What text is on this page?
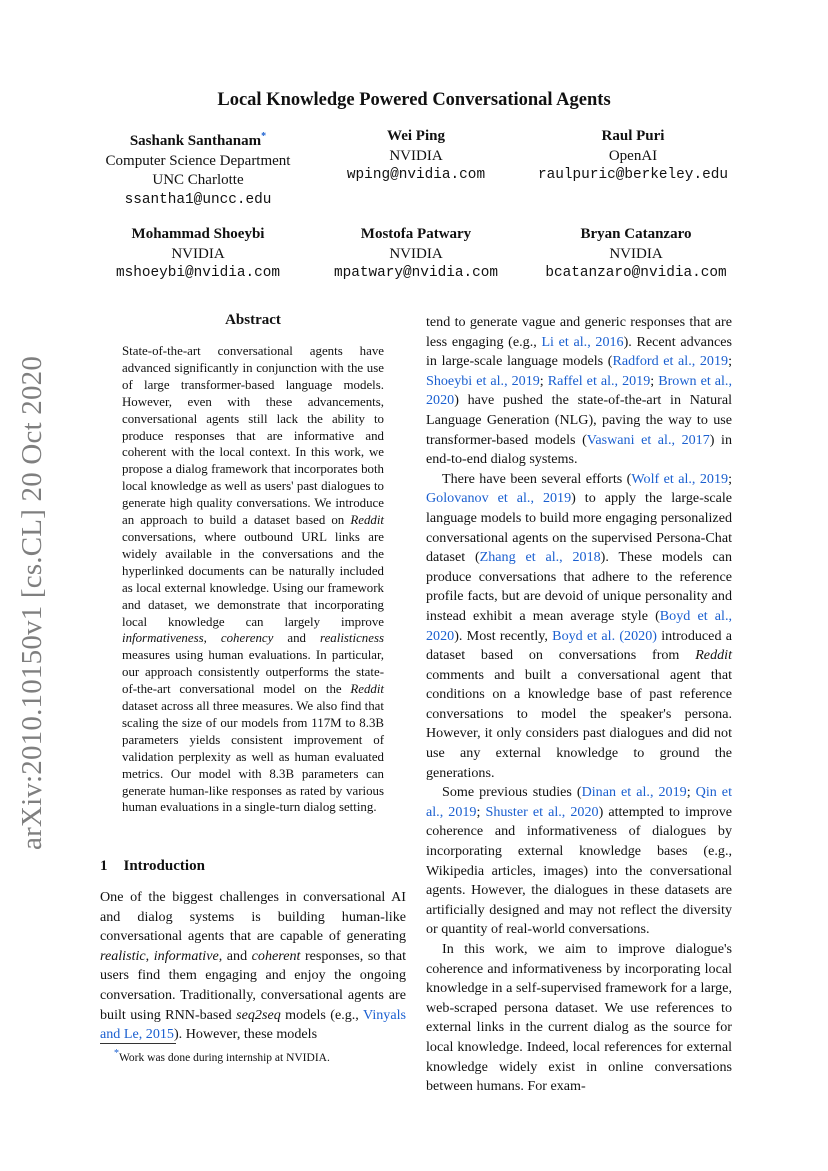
Local Knowledge Powered Conversational Agents
Sashank Santhanam*
Computer Science Department
UNC Charlotte
ssantha1@uncc.edu
Wei Ping
NVIDIA
wping@nvidia.com
Raul Puri
OpenAI
raulpuric@berkeley.edu
Mohammad Shoeybi
NVIDIA
mshoeybi@nvidia.com
Mostofa Patwary
NVIDIA
mpatwary@nvidia.com
Bryan Catanzaro
NVIDIA
bcatanzaro@nvidia.com
arXiv:2010.10150v1 [cs.CL] 20 Oct 2020
Abstract

State-of-the-art conversational agents have advanced significantly in conjunction with the use of large transformer-based language models. However, even with these advancements, conversational agents still lack the ability to produce responses that are informative and coherent with the local context. In this work, we propose a dialog framework that incorporates both local knowledge as well as users' past dialogues to generate high quality conversations. We introduce an approach to build a dataset based on Reddit conversations, where outbound URL links are widely available in the conversations and the hyperlinked documents can be naturally included as local external knowledge. Using our framework and dataset, we demonstrate that incorporating local knowledge can largely improve informativeness, coherency and realisticness measures using human evaluations. In particular, our approach consistently outperforms the state-of-the-art conversational model on the Reddit dataset across all three measures. We also find that scaling the size of our models from 117M to 8.3B parameters yields consistent improvement of validation perplexity as well as human evaluated metrics. Our model with 8.3B parameters can generate human-like responses as rated by various human evaluations in a single-turn dialog setting.

1 Introduction

One of the biggest challenges in conversational AI and dialog systems is building human-like conversational agents that are capable of generating realistic, informative, and coherent responses, so that users find them engaging and enjoy the ongoing conversation. Traditionally, conversational agents are built using RNN-based seq2seq models (e.g., Vinyals and Le, 2015). However, these models

tend to generate vague and generic responses that are less engaging (e.g., Li et al., 2016). Recent advances in large-scale language models (Radford et al., 2019; Shoeybi et al., 2019; Raffel et al., 2019; Brown et al., 2020) have pushed the state-of-the-art in Natural Language Generation (NLG), paving the way to use transformer-based models (Vaswani et al., 2017) in end-to-end dialog systems.

There have been several efforts (Wolf et al., 2019; Golovanov et al., 2019) to apply the large-scale language models to build more engaging personalized conversational agents on the supervised Persona-Chat dataset (Zhang et al., 2018). These models can produce conversations that adhere to the reference profile facts, but are devoid of unique personality and instead exhibit a mean average style (Boyd et al., 2020). Most recently, Boyd et al. (2020) introduced a dataset based on conversations from Reddit comments and built a conversational agent that conditions on a knowledge base of past reference conversations to model the speaker's persona. However, it only considers past dialogues and did not use any external knowledge to ground the generations.

Some previous studies (Dinan et al., 2019; Qin et al., 2019; Shuster et al., 2020) attempted to improve coherence and informativeness of dialogues by incorporating external knowledge bases (e.g., Wikipedia articles, images) into the conversational agents. However, the dialogues in these datasets are artificially designed and may not reflect the diversity or quantity of real-world conversations.

In this work, we aim to improve dialogue's coherence and informativeness by incorporating local knowledge in a self-supervised framework for a large, web-scraped persona dataset. We use references to external links in the current dialog as the source for local knowledge. Indeed, local references for external knowledge widely exist in online conversations between humans. For exam-

*Work was done during internship at NVIDIA.
